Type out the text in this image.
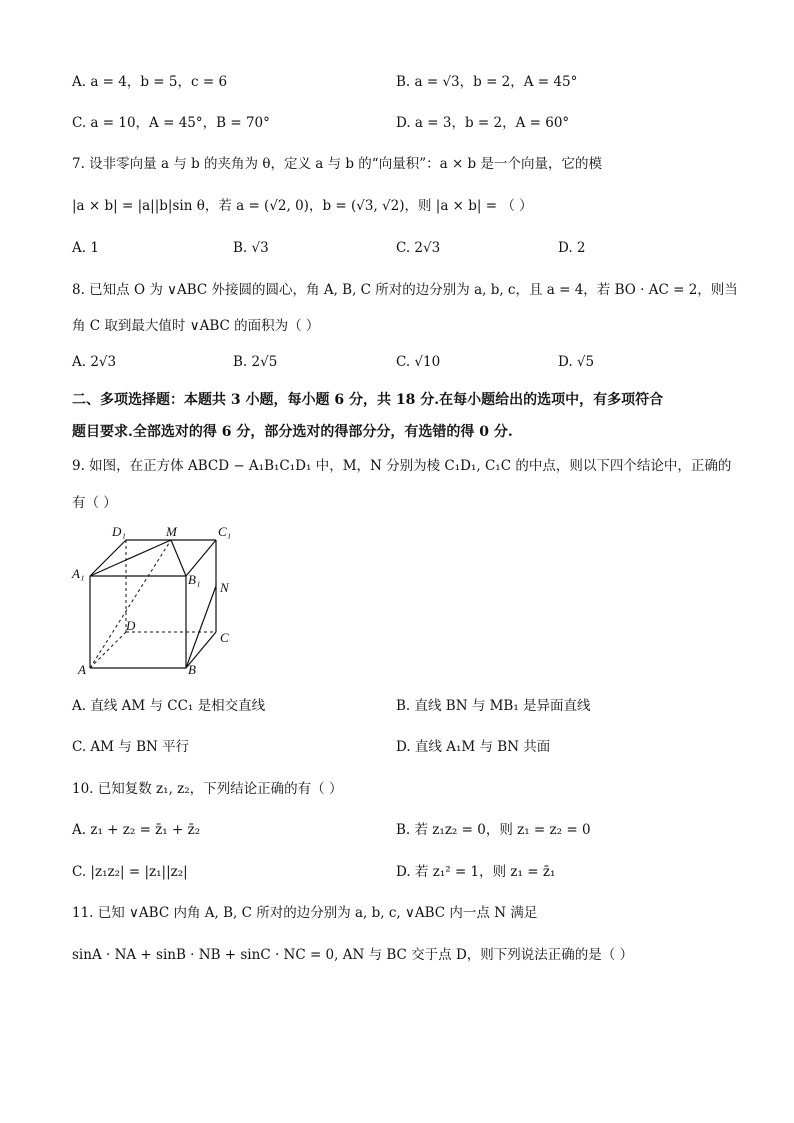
A. a = 4，b = 5，c = 6	B. a = √3，b = 2，A = 45°
C. a = 10，A = 45°，B = 70°	D. a = 3，b = 2，A = 60°
7. 设非零向量 a 与 b 的夹角为 θ，定义 a 与 b 的“向量积”：a × b 是一个向量，它的模
|a × b| = |a||b|sin θ，若 a = (√2, 0)，b = (√3, √2)，则 |a × b| = （ ）
A. 1	B. √3	C. 2√3	D. 2
8. 已知点 O 为 ∨ABC 外接圆的圆心，角 A, B, C 所对的边分别为 a, b, c，且 a = 4，若 BO · AC = 2，则当
角 C 取到最大值时 ∨ABC 的面积为（ ）
A. 2√3	B. 2√5	C. √10	D. √5
二、多项选择题：本题共 3 小题，每小题 6 分，共 18 分.在每小题给出的选项中，有多项符合
题目要求.全部选对的得 6 分，部分选对的得部分分，有选错的得 0 分.
9. 如图，在正方体 ABCD − A₁B₁C₁D₁ 中，M，N 分别为棱 C₁D₁, C₁C 的中点，则以下四个结论中，正确的
有（ ）
D₁	M	C₁
A₁	B₁
N
D
C
A	B
A. 直线 AM 与 CC₁ 是相交直线	B. 直线 BN 与 MB₁ 是异面直线
C. AM 与 BN 平行	D. 直线 A₁M 与 BN 共面
10. 已知复数 z₁, z₂，下列结论正确的有（ ）
A. z₁ + z₂ = z̄₁ + z̄₂	B. 若 z₁z₂ = 0，则 z₁ = z₂ = 0
C. |z₁z₂| = |z₁||z₂|	D. 若 z₁² = 1，则 z₁ = z̄₁
11. 已知 ∨ABC 内角 A, B, C 所对的边分别为 a, b, c, ∨ABC 内一点 N 满足
sinA · NA + sinB · NB + sinC · NC = 0, AN 与 BC 交于点 D，则下列说法正确的是（ ）
